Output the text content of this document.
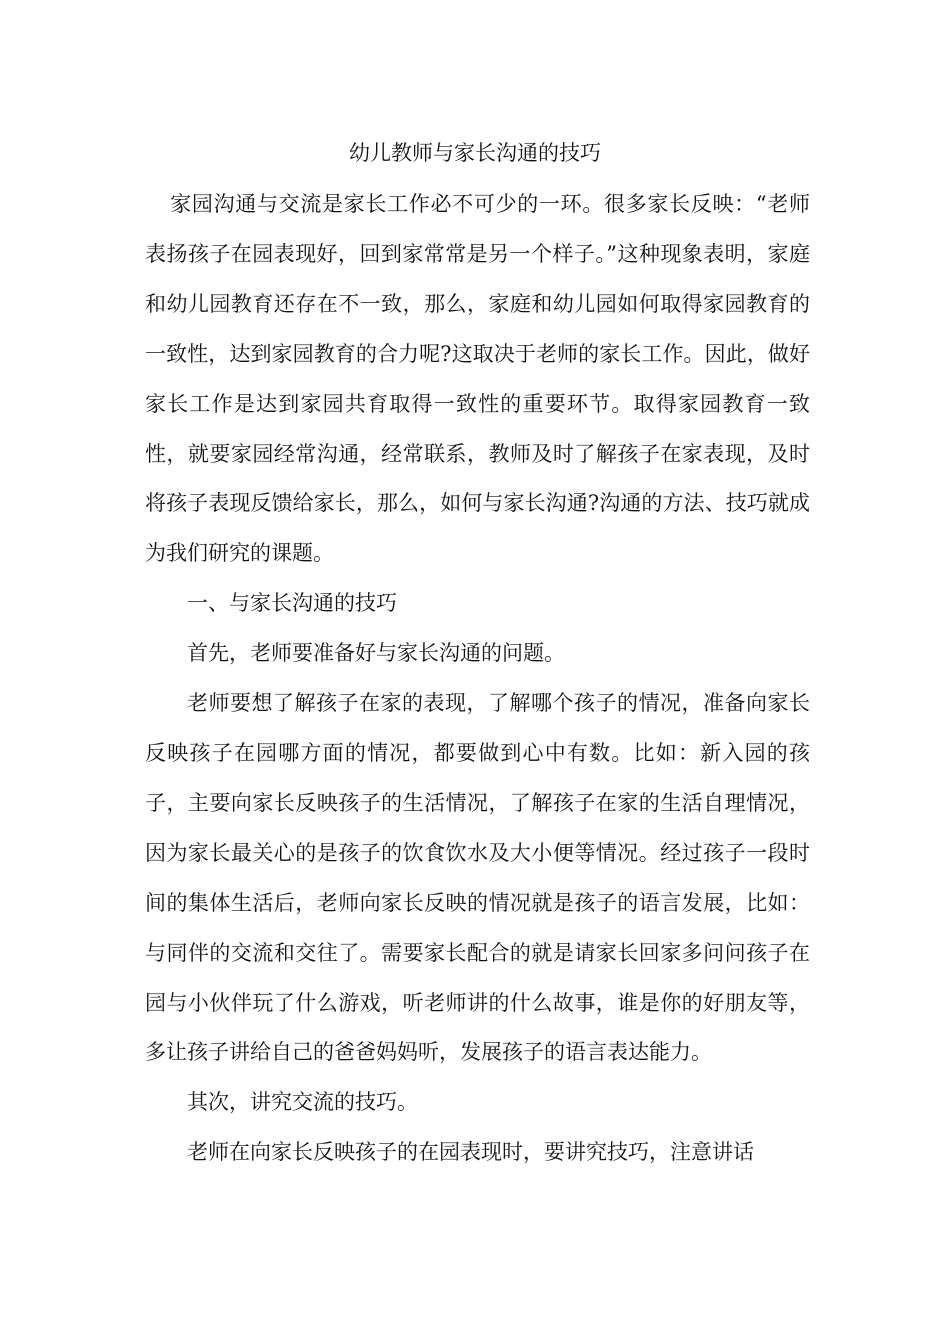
幼儿教师与家长沟通的技巧

家园沟通与交流是家长工作必不可少的一环。很多家长反映：“老师表扬孩子在园表现好，回到家常常是另一个样子。”这种现象表明，家庭和幼儿园教育还存在不一致，那么，家庭和幼儿园如何取得家园教育的一致性，达到家园教育的合力呢?这取决于老师的家长工作。因此，做好家长工作是达到家园共育取得一致性的重要环节。取得家园教育一致性，就要家园经常沟通，经常联系，教师及时了解孩子在家表现，及时将孩子表现反馈给家长，那么，如何与家长沟通?沟通的方法、技巧就成为我们研究的课题。

一、与家长沟通的技巧

首先，老师要准备好与家长沟通的问题。

老师要想了解孩子在家的表现，了解哪个孩子的情况，准备向家长反映孩子在园哪方面的情况，都要做到心中有数。比如：新入园的孩子，主要向家长反映孩子的生活情况，了解孩子在家的生活自理情况，因为家长最关心的是孩子的饮食饮水及大小便等情况。经过孩子一段时间的集体生活后，老师向家长反映的情况就是孩子的语言发展，比如：与同伴的交流和交往了。需要家长配合的就是请家长回家多问问孩子在园与小伙伴玩了什么游戏，听老师讲的什么故事，谁是你的好朋友等，多让孩子讲给自己的爸爸妈妈听，发展孩子的语言表达能力。

其次，讲究交流的技巧。

老师在向家长反映孩子的在园表现时，要讲究技巧，注意讲话
